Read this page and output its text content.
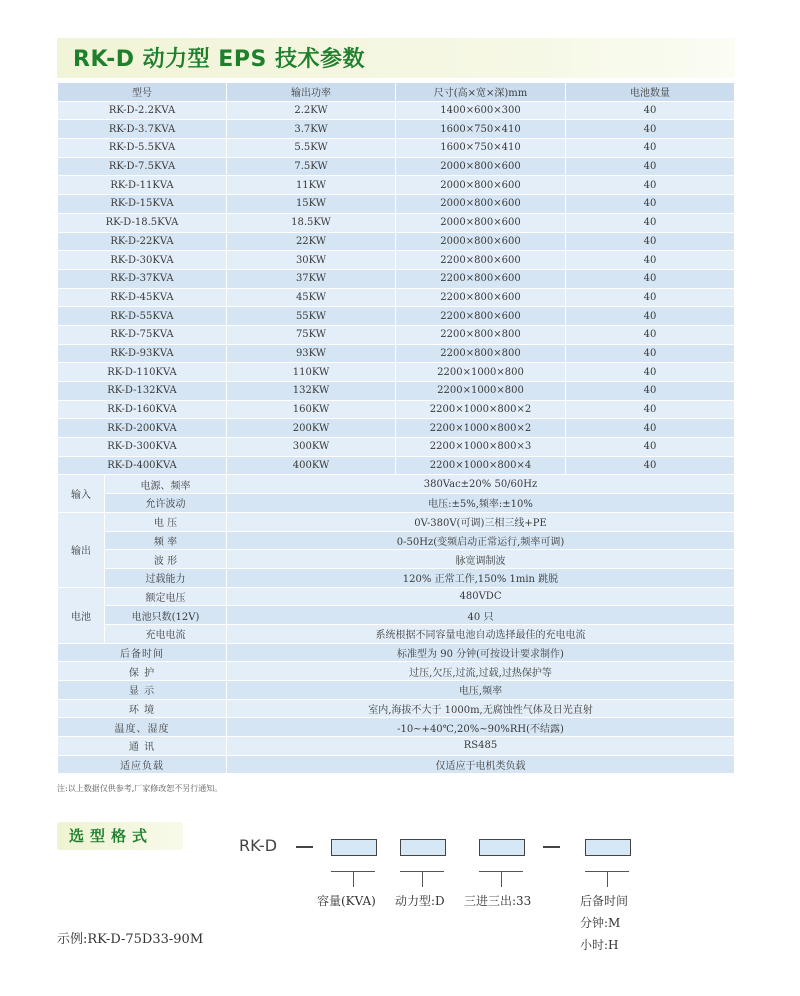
RK-D 动力型 EPS 技术参数
型号		输出功率	尺寸(高×宽×深)mm	电池数量
RK-D-2.2KVA		2.2KW	1400×600×300	40
RK-D-3.7KVA		3.7KW	1600×750×410	40
RK-D-5.5KVA		5.5KW	1600×750×410	40
RK-D-7.5KVA		7.5KW	2000×800×600	40
RK-D-11KVA		11KW	2000×800×600	40
RK-D-15KVA		15KW	2000×800×600	40
RK-D-18.5KVA		18.5KW	2000×800×600	40
RK-D-22KVA		22KW	2000×800×600	40
RK-D-30KVA		30KW	2200×800×600	40
RK-D-37KVA		37KW	2200×800×600	40
RK-D-45KVA		45KW	2200×800×600	40
RK-D-55KVA		55KW	2200×800×600	40
RK-D-75KVA		75KW	2200×800×800	40
RK-D-93KVA		93KW	2200×800×800	40
RK-D-110KVA		110KW	2200×1000×800	40
RK-D-132KVA		132KW	2200×1000×800	40
RK-D-160KVA		160KW	2200×1000×800×2	40
RK-D-200KVA		200KW	2200×1000×800×2	40
RK-D-300KVA		300KW	2200×1000×800×3	40
RK-D-400KVA		400KW	2200×1000×800×4	40
输入	电源、频率	380Vac±20% 50/60Hz		
	允许波动	电压:±5%,频率:±10%		
输出	电 压	0V-380V(可调)三相三线+PE		
	频 率	0-50Hz(变频启动正常运行,频率可调)		
	波 形	脉宽调制波		
	过载能力	120% 正常工作,150% 1min 跳脱		
电池	额定电压	480VDC		
	电池只数(12V)	40 只		
	充电电流	系统根据不同容量电池自动选择最佳的充电电流		
后备时间		标准型为 90 分钟(可按设计要求制作)		
保 护		过压,欠压,过流,过载,过热保护等		
显 示		电压,频率		
环 境		室内,海拔不大于 1000m,无腐蚀性气体及日光直射		
温度、湿度		-10~+40℃,20%~90%RH(不结露)		
通 讯		RS485		
适应负载		仅适应于电机类负载		
注:以上数据仅供参考,厂家修改恕不另行通知。
选型格式	RK-D
容量(KVA) 动力型:D 三进三出:33	后备时间
分钟:M
小时:H
示例:RK-D-75D33-90M
